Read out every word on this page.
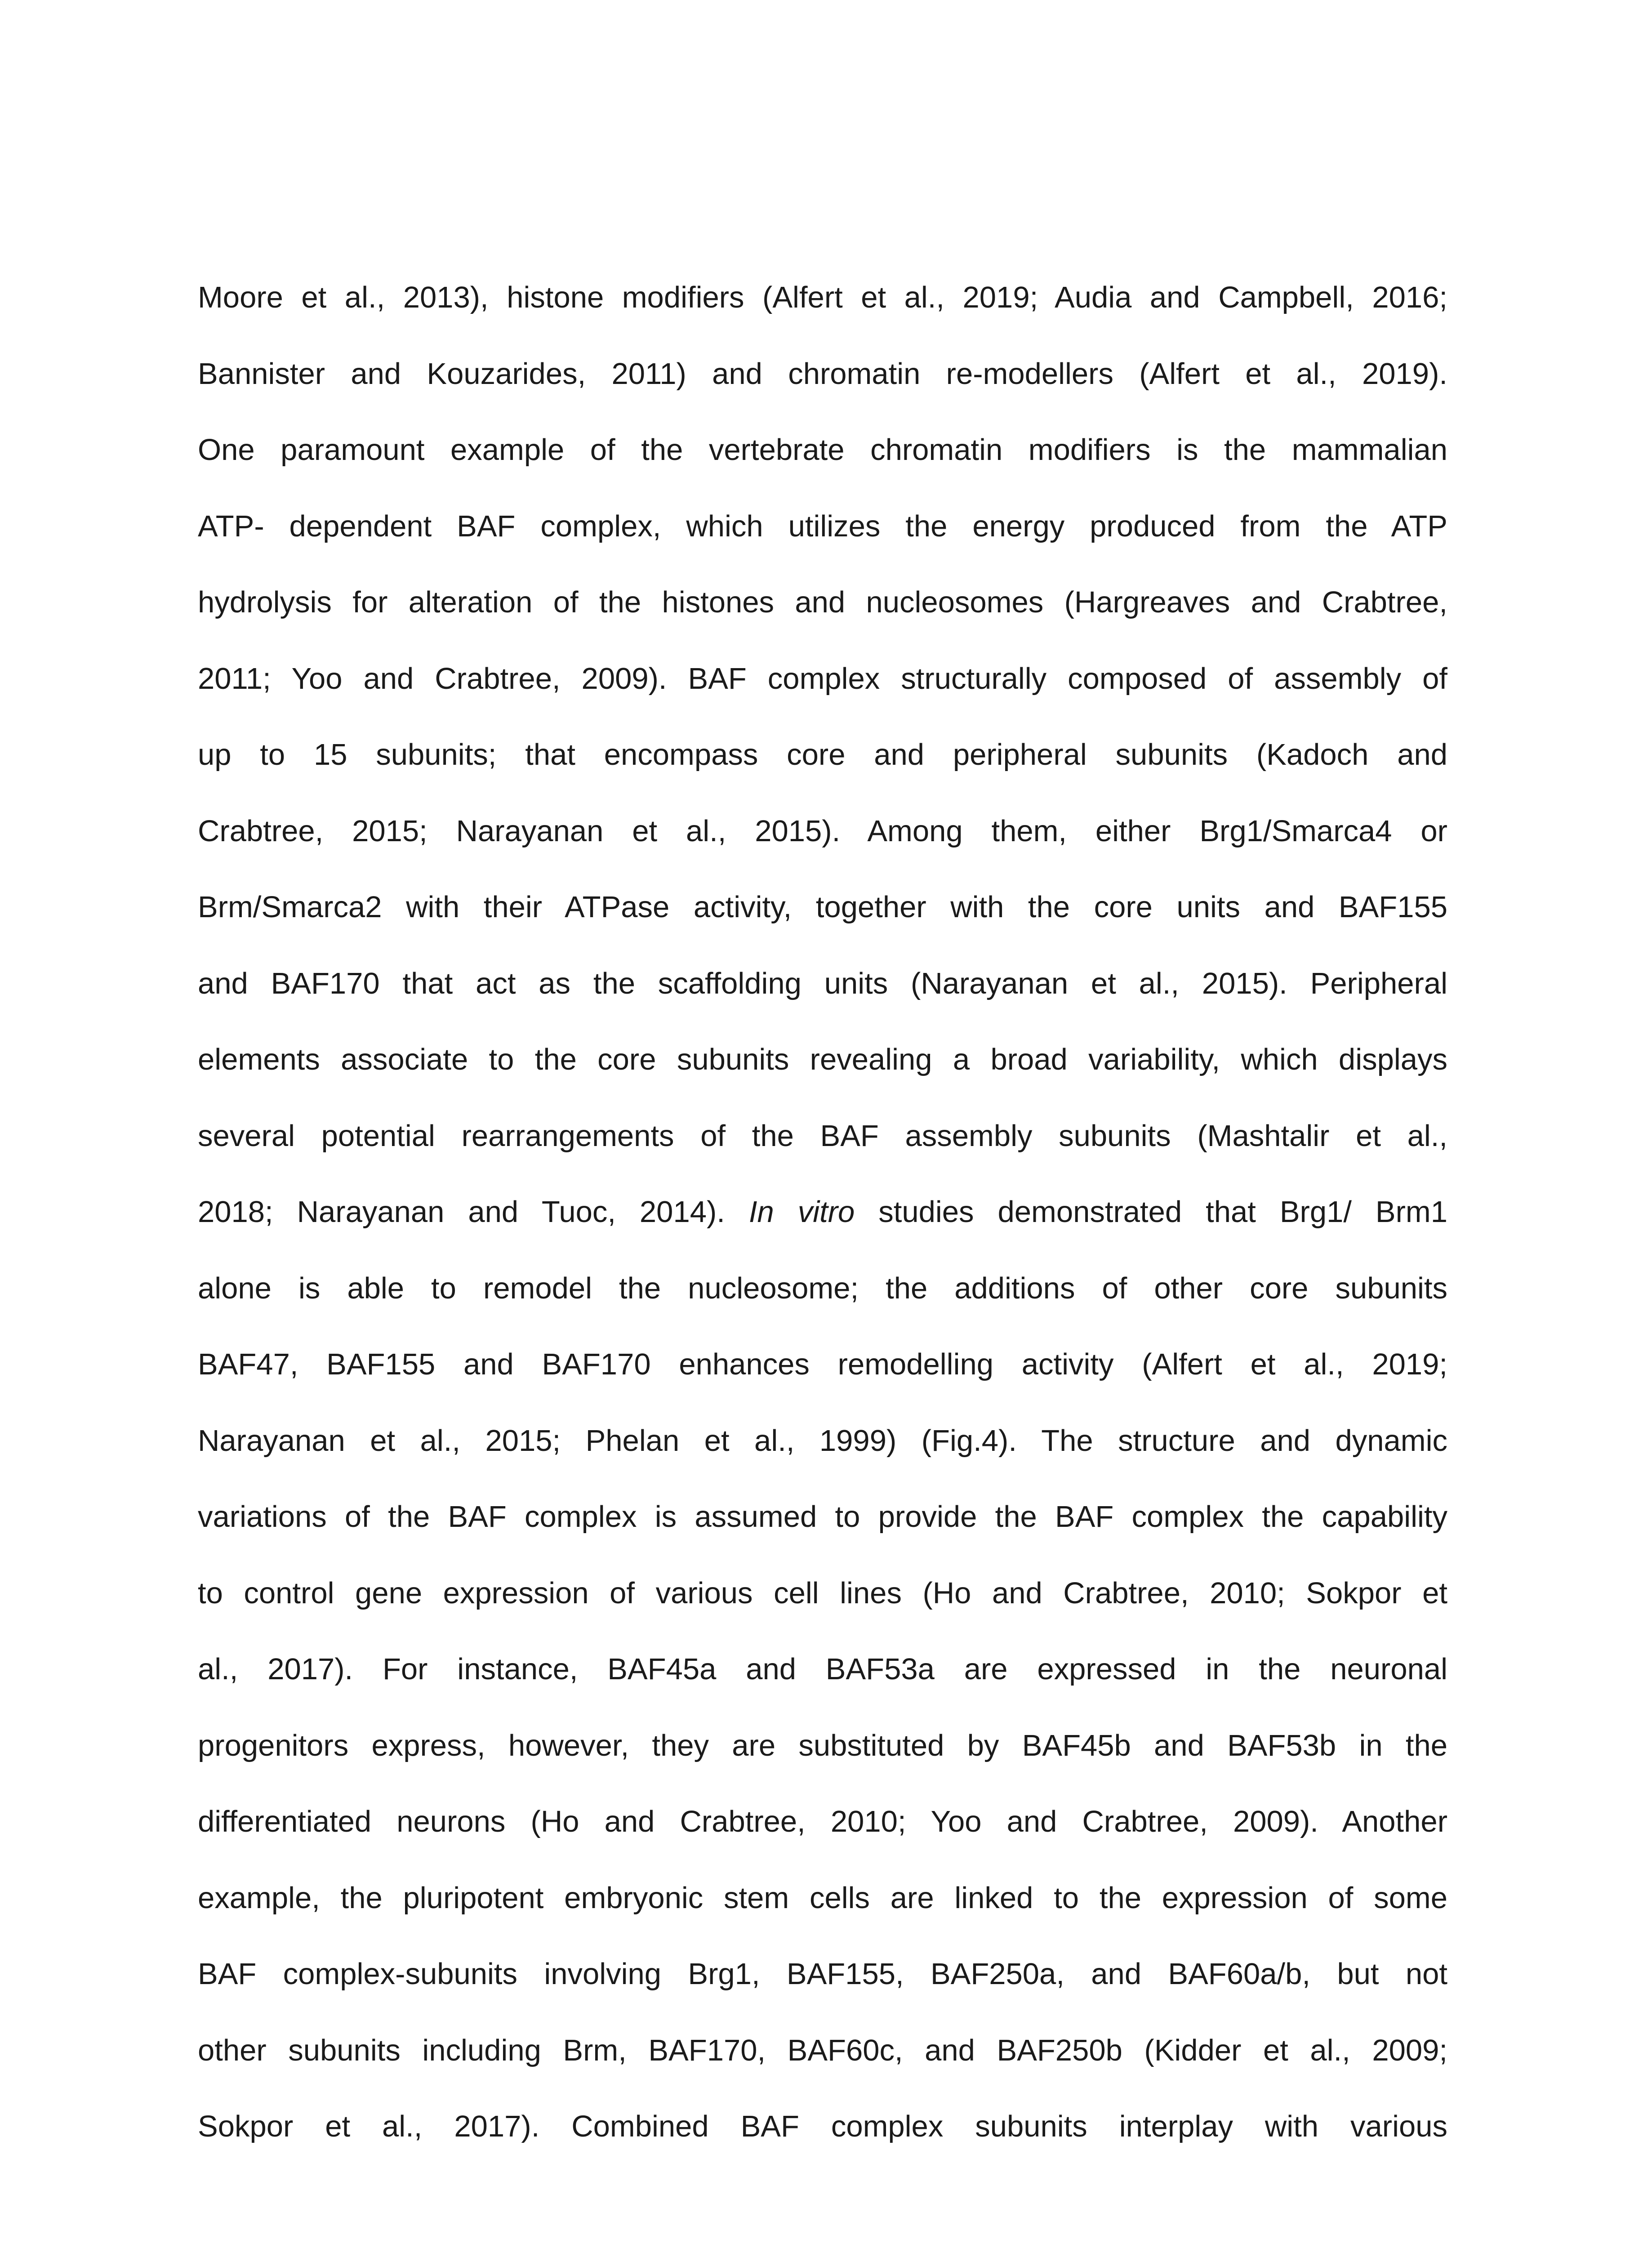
Moore et al., 2013), histone modifiers (Alfert et al., 2019; Audia and Campbell, 2016;
Bannister and Kouzarides, 2011) and chromatin re-modellers (Alfert et al., 2019).
One paramount example of the vertebrate chromatin modifiers is the mammalian
ATP- dependent BAF complex, which utilizes the energy produced from the ATP
hydrolysis for alteration of the histones and nucleosomes (Hargreaves and Crabtree,
2011; Yoo and Crabtree, 2009). BAF complex structurally composed of assembly of
up to 15 subunits; that encompass core and peripheral subunits (Kadoch and
Crabtree, 2015; Narayanan et al., 2015). Among them, either Brg1/Smarca4 or
Brm/Smarca2 with their ATPase activity, together with the core units and BAF155
and BAF170 that act as the scaffolding units (Narayanan et al., 2015). Peripheral
elements associate to the core subunits revealing a broad variability, which displays
several potential rearrangements of the BAF assembly subunits (Mashtalir et al.,
2018; Narayanan and Tuoc, 2014). In vitro studies demonstrated that Brg1/ Brm1
alone is able to remodel the nucleosome; the additions of other core subunits
BAF47, BAF155 and BAF170 enhances remodelling activity (Alfert et al., 2019;
Narayanan et al., 2015; Phelan et al., 1999) (Fig.4). The structure and dynamic
variations of the BAF complex is assumed to provide the BAF complex the capability
to control gene expression of various cell lines (Ho and Crabtree, 2010; Sokpor et
al., 2017). For instance, BAF45a and BAF53a are expressed in the neuronal
progenitors express, however, they are substituted by BAF45b and BAF53b in the
differentiated neurons (Ho and Crabtree, 2010; Yoo and Crabtree, 2009). Another
example, the pluripotent embryonic stem cells are linked to the expression of some
BAF complex-subunits involving Brg1, BAF155, BAF250a, and BAF60a/b, but not
other subunits including Brm, BAF170, BAF60c, and BAF250b (Kidder et al., 2009;
Sokpor et al., 2017). Combined BAF complex subunits interplay with various
